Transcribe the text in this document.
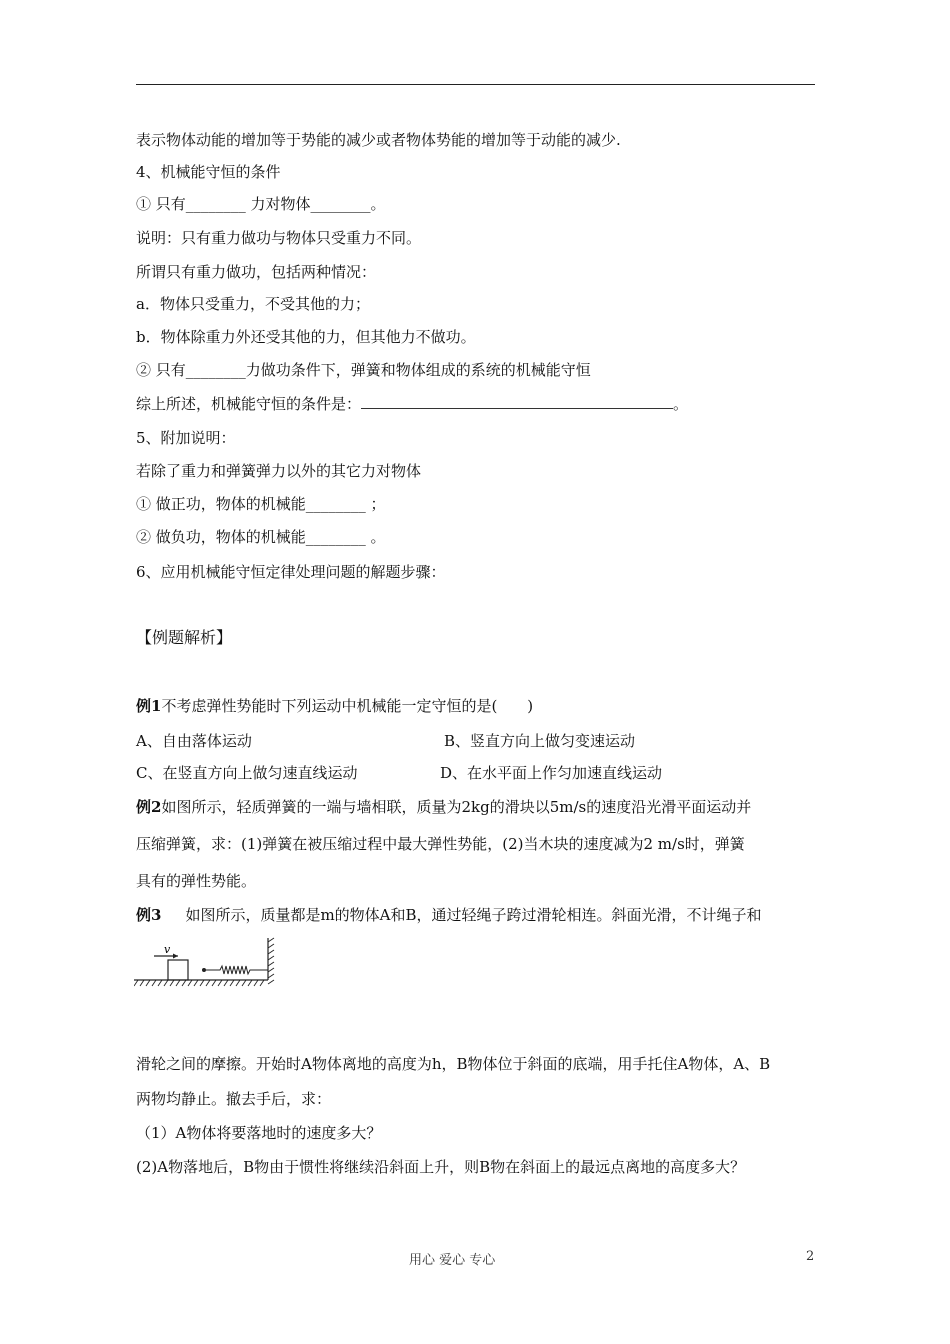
表示物体动能的增加等于势能的减少或者物体势能的增加等于动能的减少.
4、机械能守恒的条件
① 只有________ 力对物体________。
说明：只有重力做功与物体只受重力不同。
所谓只有重力做功，包括两种情况：
a．物体只受重力，不受其他的力；
b．物体除重力外还受其他的力，但其他力不做功。
② 只有________力做功条件下，弹簧和物体组成的系统的机械能守恒
综上所述，机械能守恒的条件是：	。
5、附加说明：
若除了重力和弹簧弹力以外的其它力对物体
① 做正功，物体的机械能________ ；
② 做负功，物体的机械能________ 。
6、应用机械能守恒定律处理问题的解题步骤：
【例题解析】
例1不考虑弹性势能时下列运动中机械能一定守恒的是(　　)
A、自由落体运动	B、竖直方向上做匀变速运动
C、在竖直方向上做匀速直线运动	D、在水平面上作匀加速直线运动
例2如图所示，轻质弹簧的一端与墙相联，质量为2kg的滑块以5m/s的速度沿光滑平面运动并
压缩弹簧，求：(1)弹簧在被压缩过程中最大弹性势能，(2)当木块的速度减为2 m/s时，弹簧
具有的弹性势能。
例3 如图所示，质量都是m的物体A和B，通过轻绳子跨过滑轮相连。斜面光滑，不计绳子和
v
滑轮之间的摩擦。开始时A物体离地的高度为h，B物体位于斜面的底端，用手托住A物体，A、B
两物均静止。撤去手后，求：
（1）A物体将要落地时的速度多大？
(2)A物落地后，B物由于惯性将继续沿斜面上升，则B物在斜面上的最远点离地的高度多大？
用心 爱心 专心	2
